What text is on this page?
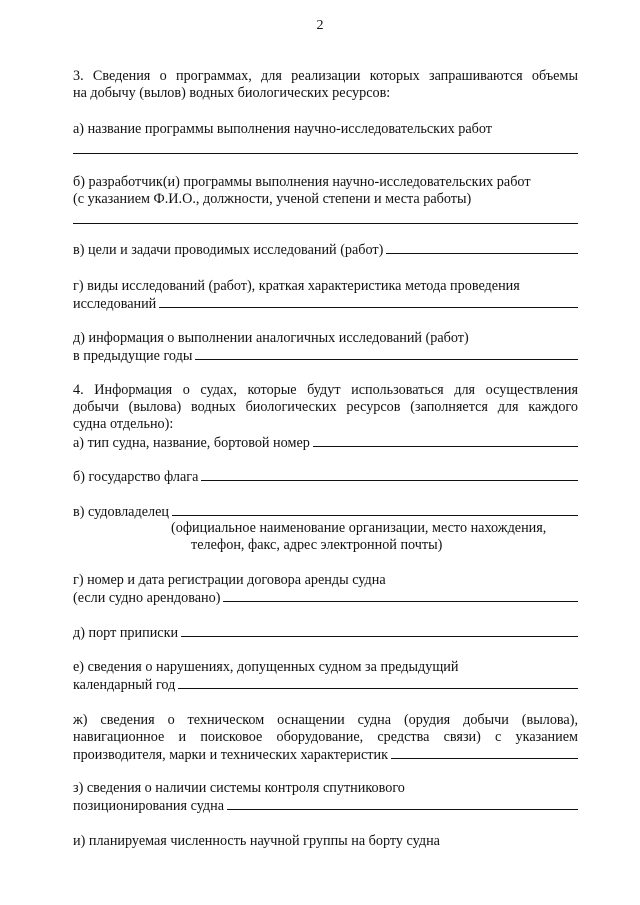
2
3. Сведения о программах, для реализации которых запрашиваются объемы
на добычу (вылов) водных биологических ресурсов:
а) название программы выполнения научно-исследовательских работ
б) разработчик(и) программы выполнения научно-исследовательских работ
(с указанием Ф.И.О., должности, ученой степени и места работы)
в) цели и задачи проводимых исследований (работ)
г) виды исследований (работ), краткая характеристика метода проведения
исследований
д) информация о выполнении аналогичных исследований (работ)
в предыдущие годы
4. Информация о судах, которые будут использоваться для осуществления
добычи (вылова) водных биологических ресурсов (заполняется для каждого
судна отдельно):
а) тип судна, название, бортовой номер
б) государство флага
в) судовладелец
(официальное наименование организации, место нахождения,
телефон, факс, адрес электронной почты)
г) номер и дата регистрации договора аренды судна
(если судно арендовано)
д) порт приписки
е) сведения о нарушениях, допущенных судном за предыдущий
календарный год
ж) сведения о техническом оснащении судна (орудия добычи (вылова),
навигационное и поисковое оборудование, средства связи) с указанием
производителя, марки и технических характеристик
з) сведения о наличии системы контроля спутникового
позиционирования судна
и) планируемая численность научной группы на борту судна
